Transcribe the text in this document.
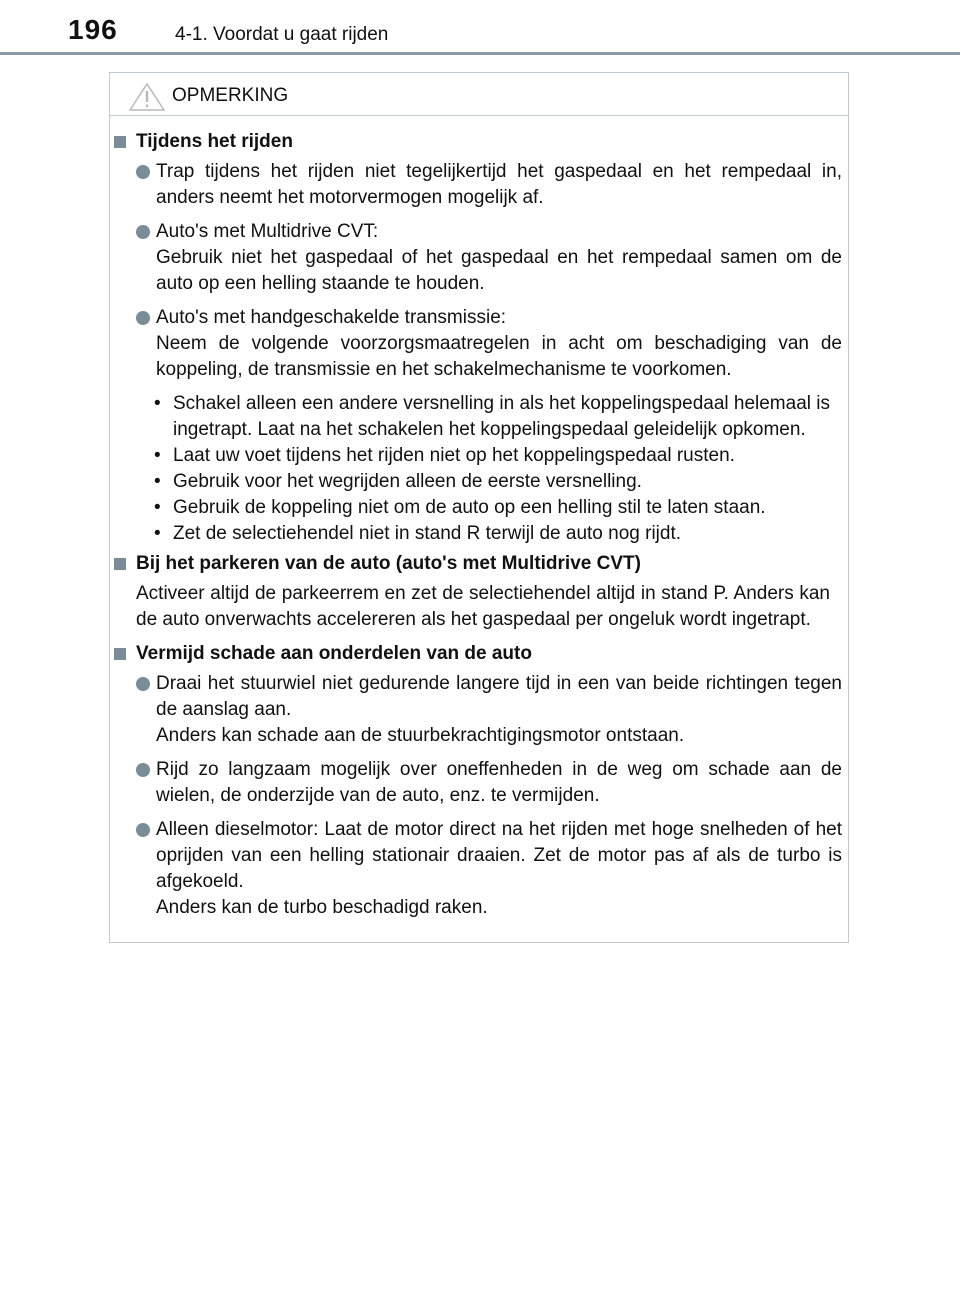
196	4-1. Voordat u gaat rijden
OPMERKING
Tijdens het rijden
Trap tijdens het rijden niet tegelijkertijd het gaspedaal en het rempedaal in, anders neemt het motorvermogen mogelijk af.
Auto's met Multidrive CVT:
Gebruik niet het gaspedaal of het gaspedaal en het rempedaal samen om de auto op een helling staande te houden.
Auto's met handgeschakelde transmissie:
Neem de volgende voorzorgsmaatregelen in acht om beschadiging van de koppeling, de transmissie en het schakelmechanisme te voorkomen.
• Schakel alleen een andere versnelling in als het koppelingspedaal helemaal is ingetrapt. Laat na het schakelen het koppelingspedaal geleidelijk opkomen.
• Laat uw voet tijdens het rijden niet op het koppelingspedaal rusten.
• Gebruik voor het wegrijden alleen de eerste versnelling.
• Gebruik de koppeling niet om de auto op een helling stil te laten staan.
• Zet de selectiehendel niet in stand R terwijl de auto nog rijdt.
Bij het parkeren van de auto (auto's met Multidrive CVT)
Activeer altijd de parkeerrem en zet de selectiehendel altijd in stand P. Anders kan de auto onverwachts accelereren als het gaspedaal per ongeluk wordt ingetrapt.
Vermijd schade aan onderdelen van de auto
Draai het stuurwiel niet gedurende langere tijd in een van beide richtingen tegen de aanslag aan.
Anders kan schade aan de stuurbekrachtigingsmotor ontstaan.
Rijd zo langzaam mogelijk over oneffenheden in de weg om schade aan de wielen, de onderzijde van de auto, enz. te vermijden.
Alleen dieselmotor: Laat de motor direct na het rijden met hoge snelheden of het oprijden van een helling stationair draaien. Zet de motor pas af als de turbo is afgekoeld.
Anders kan de turbo beschadigd raken.
